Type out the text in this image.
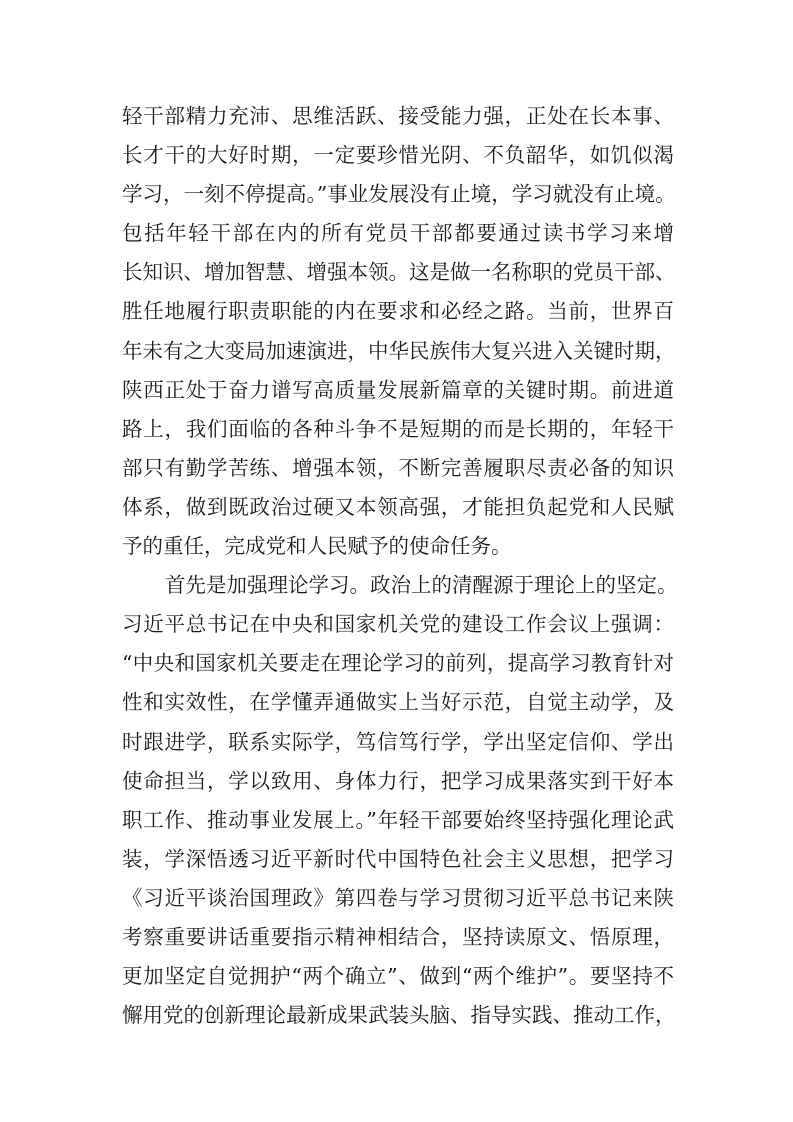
轻干部精力充沛、思维活跃、接受能力强，正处在长本事、
长才干的大好时期，一定要珍惜光阴、不负韶华，如饥似渴
学习，一刻不停提高。”事业发展没有止境，学习就没有止境。
包括年轻干部在内的所有党员干部都要通过读书学习来增
长知识、增加智慧、增强本领。这是做一名称职的党员干部、
胜任地履行职责职能的内在要求和必经之路。当前，世界百
年未有之大变局加速演进，中华民族伟大复兴进入关键时期，
陕西正处于奋力谱写高质量发展新篇章的关键时期。前进道
路上，我们面临的各种斗争不是短期的而是长期的，年轻干
部只有勤学苦练、增强本领，不断完善履职尽责必备的知识
体系，做到既政治过硬又本领高强，才能担负起党和人民赋
予的重任，完成党和人民赋予的使命任务。
首先是加强理论学习。政治上的清醒源于理论上的坚定。
习近平总书记在中央和国家机关党的建设工作会议上强调：
“中央和国家机关要走在理论学习的前列，提高学习教育针对
性和实效性，在学懂弄通做实上当好示范，自觉主动学，及
时跟进学，联系实际学，笃信笃行学，学出坚定信仰、学出
使命担当，学以致用、身体力行，把学习成果落实到干好本
职工作、推动事业发展上。”年轻干部要始终坚持强化理论武
装，学深悟透习近平新时代中国特色社会主义思想，把学习
《习近平谈治国理政》第四卷与学习贯彻习近平总书记来陕
考察重要讲话重要指示精神相结合，坚持读原文、悟原理，
更加坚定自觉拥护“两个确立”、做到“两个维护”。要坚持不
懈用党的创新理论最新成果武装头脑、指导实践、推动工作，
